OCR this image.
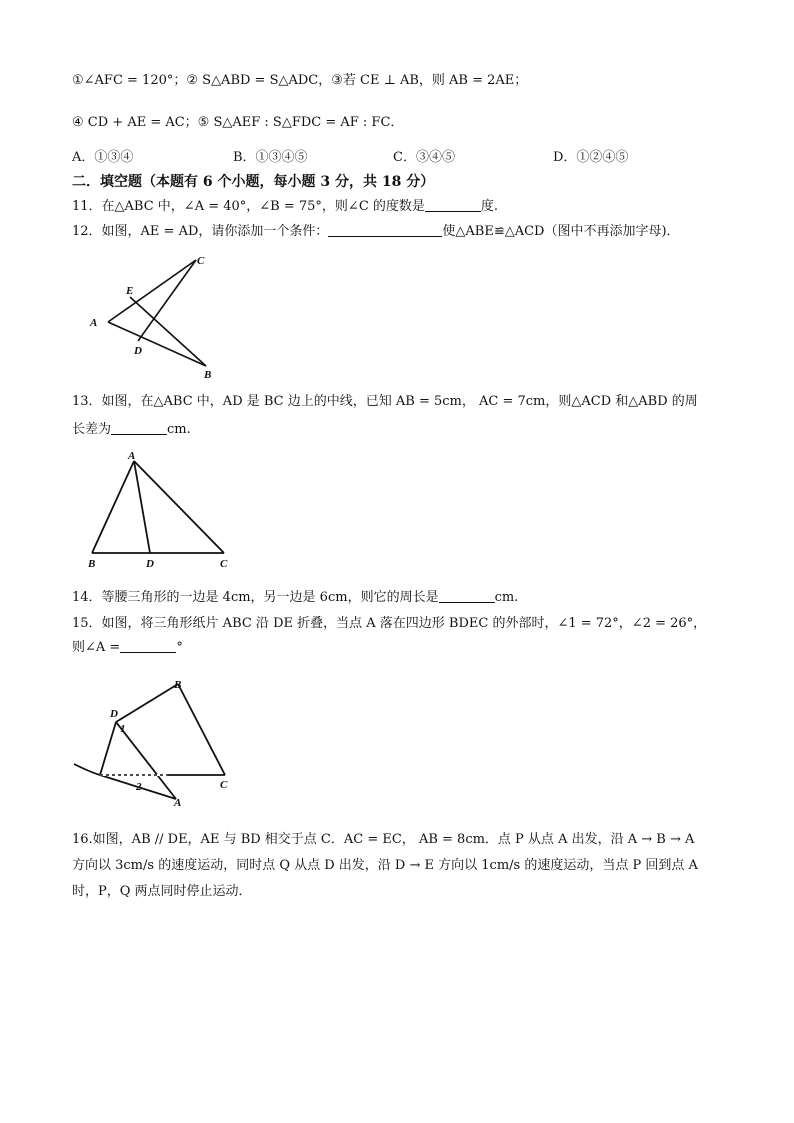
①∠AFC = 120°；② S△ABD = S△ADC，③若 CE ⊥ AB，则 AB = 2AE；
④ CD + AE = AC；⑤ S△AEF : S△FDC = AF : FC．
A．①③④	B．①③④⑤	C．③④⑤	D．①②④⑤
二．填空题（本题有 6 个小题，每小题 3 分，共 18 分）
11．在△ABC 中，∠A = 40°，∠B = 75°，则∠C 的度数是	度.
12．如图，AE = AD，请你添加一个条件：	使△ABE≌△ACD（图中不再添加字母)．
C
E
A
D
B
13．如图，在△ABC 中，AD 是 BC 边上的中线，已知 AB = 5cm， AC = 7cm，则△ACD 和△ABD 的周
长差为	cm.
A
B	D	C
14．等腰三角形的一边是 4cm，另一边是 6cm，则它的周长是	cm.
15．如图，将三角形纸片 ABC 沿 DE 折叠，当点 A 落在四边形 BDEC 的外部时，∠1 = 72°，∠2 = 26°，
则∠A =	°
B
D
1
2	C
A
16.如图，AB // DE，AE 与 BD 相交于点 C．AC = EC， AB = 8cm．点 P 从点 A 出发，沿 A → B → A
方向以 3cm/s 的速度运动，同时点 Q 从点 D 出发，沿 D → E 方向以 1cm/s 的速度运动，当点 P 回到点 A
时，P，Q 两点同时停止运动．
